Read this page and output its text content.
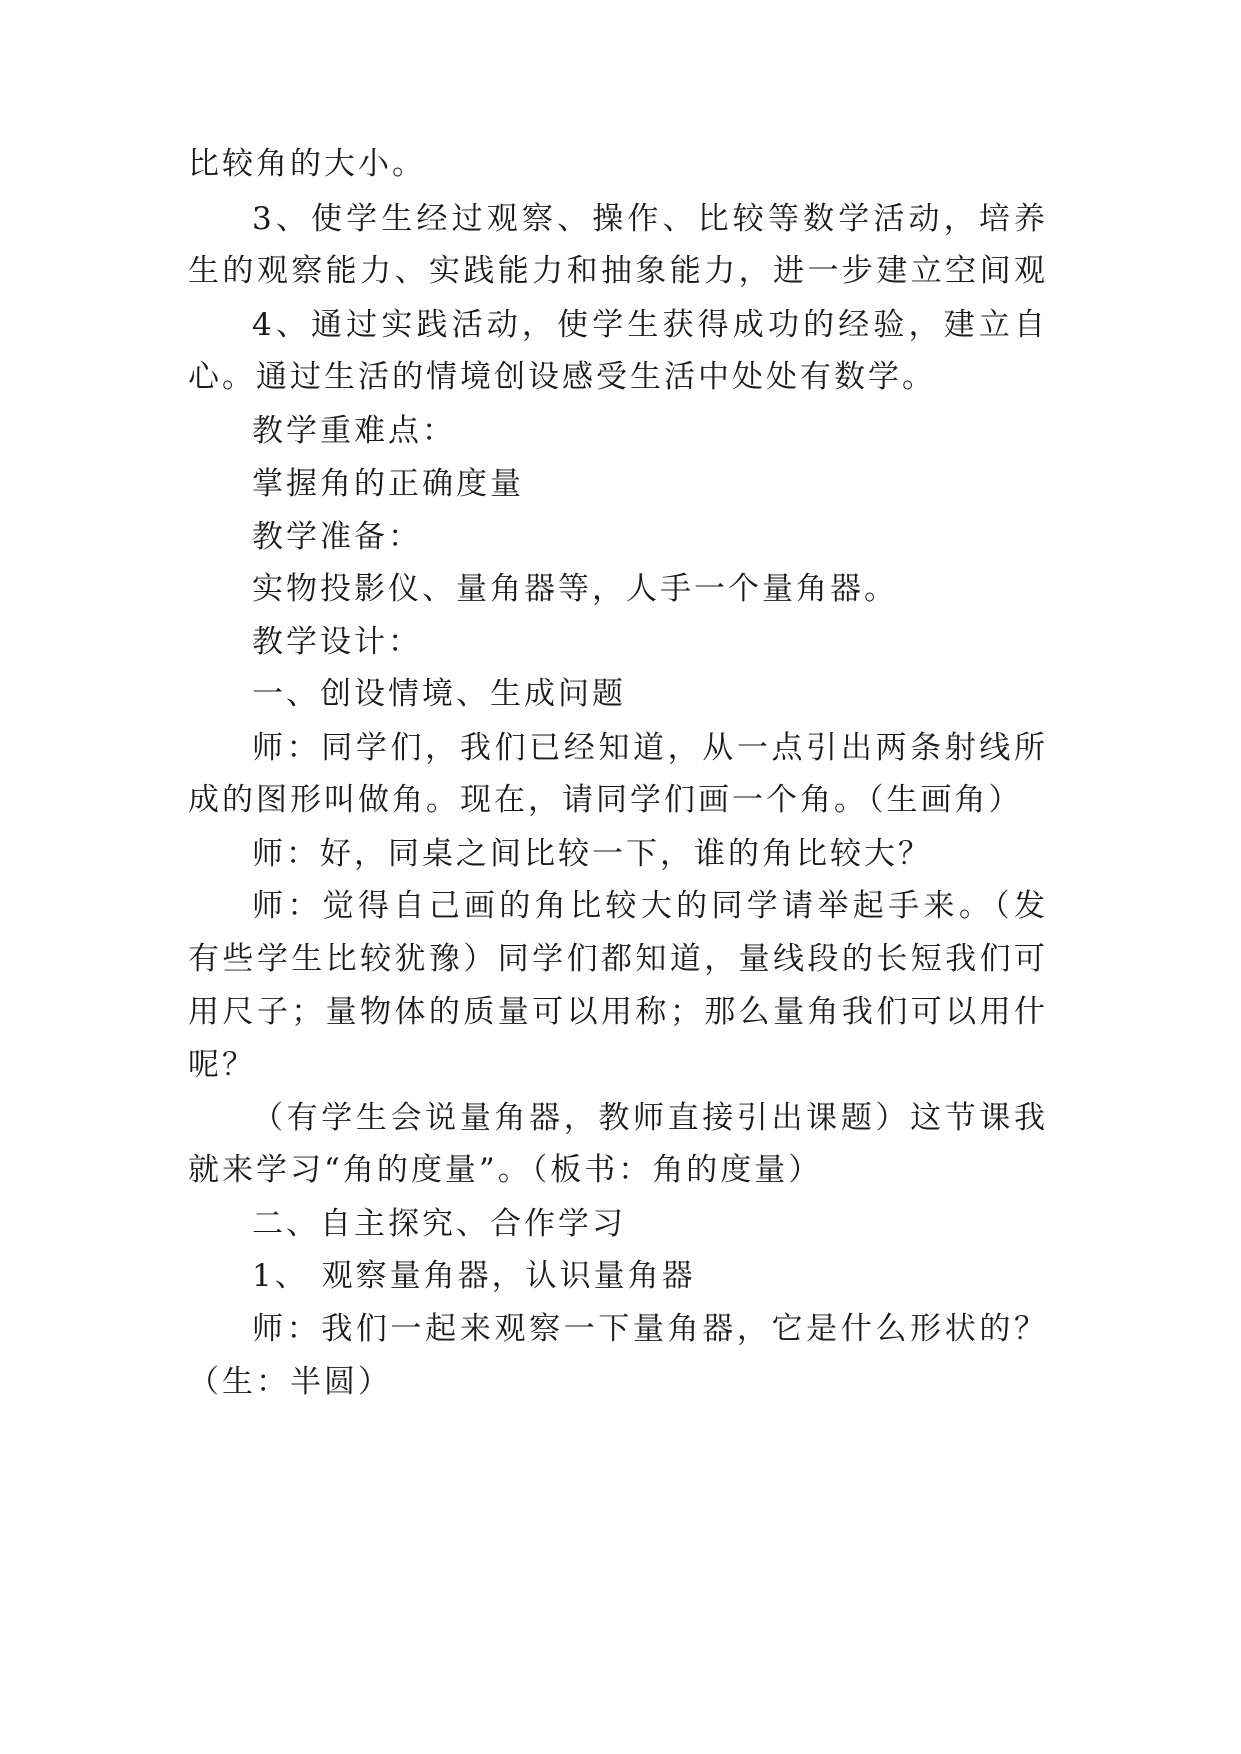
比较角的大小。
3、使学生经过观察、操作、比较等数学活动，培养
生的观察能力、实践能力和抽象能力，进一步建立空间观
4、通过实践活动，使学生获得成功的经验，建立自
心。通过生活的情境创设感受生活中处处有数学。
教学重难点：
掌握角的正确度量
教学准备：
实物投影仪、量角器等，人手一个量角器。
教学设计：
一、创设情境、生成问题
师：同学们，我们已经知道，从一点引出两条射线所
成的图形叫做角。现在，请同学们画一个角。（生画角）
师：好，同桌之间比较一下，谁的角比较大？
师：觉得自己画的角比较大的同学请举起手来。（发
有些学生比较犹豫）同学们都知道，量线段的长短我们可
用尺子；量物体的质量可以用称；那么量角我们可以用什
呢？
（有学生会说量角器，教师直接引出课题）这节课我
就来学习“角的度量”。（板书：角的度量）
二、自主探究、合作学习
1、 观察量角器，认识量角器
师：我们一起来观察一下量角器，它是什么形状的？
（生：半圆）
